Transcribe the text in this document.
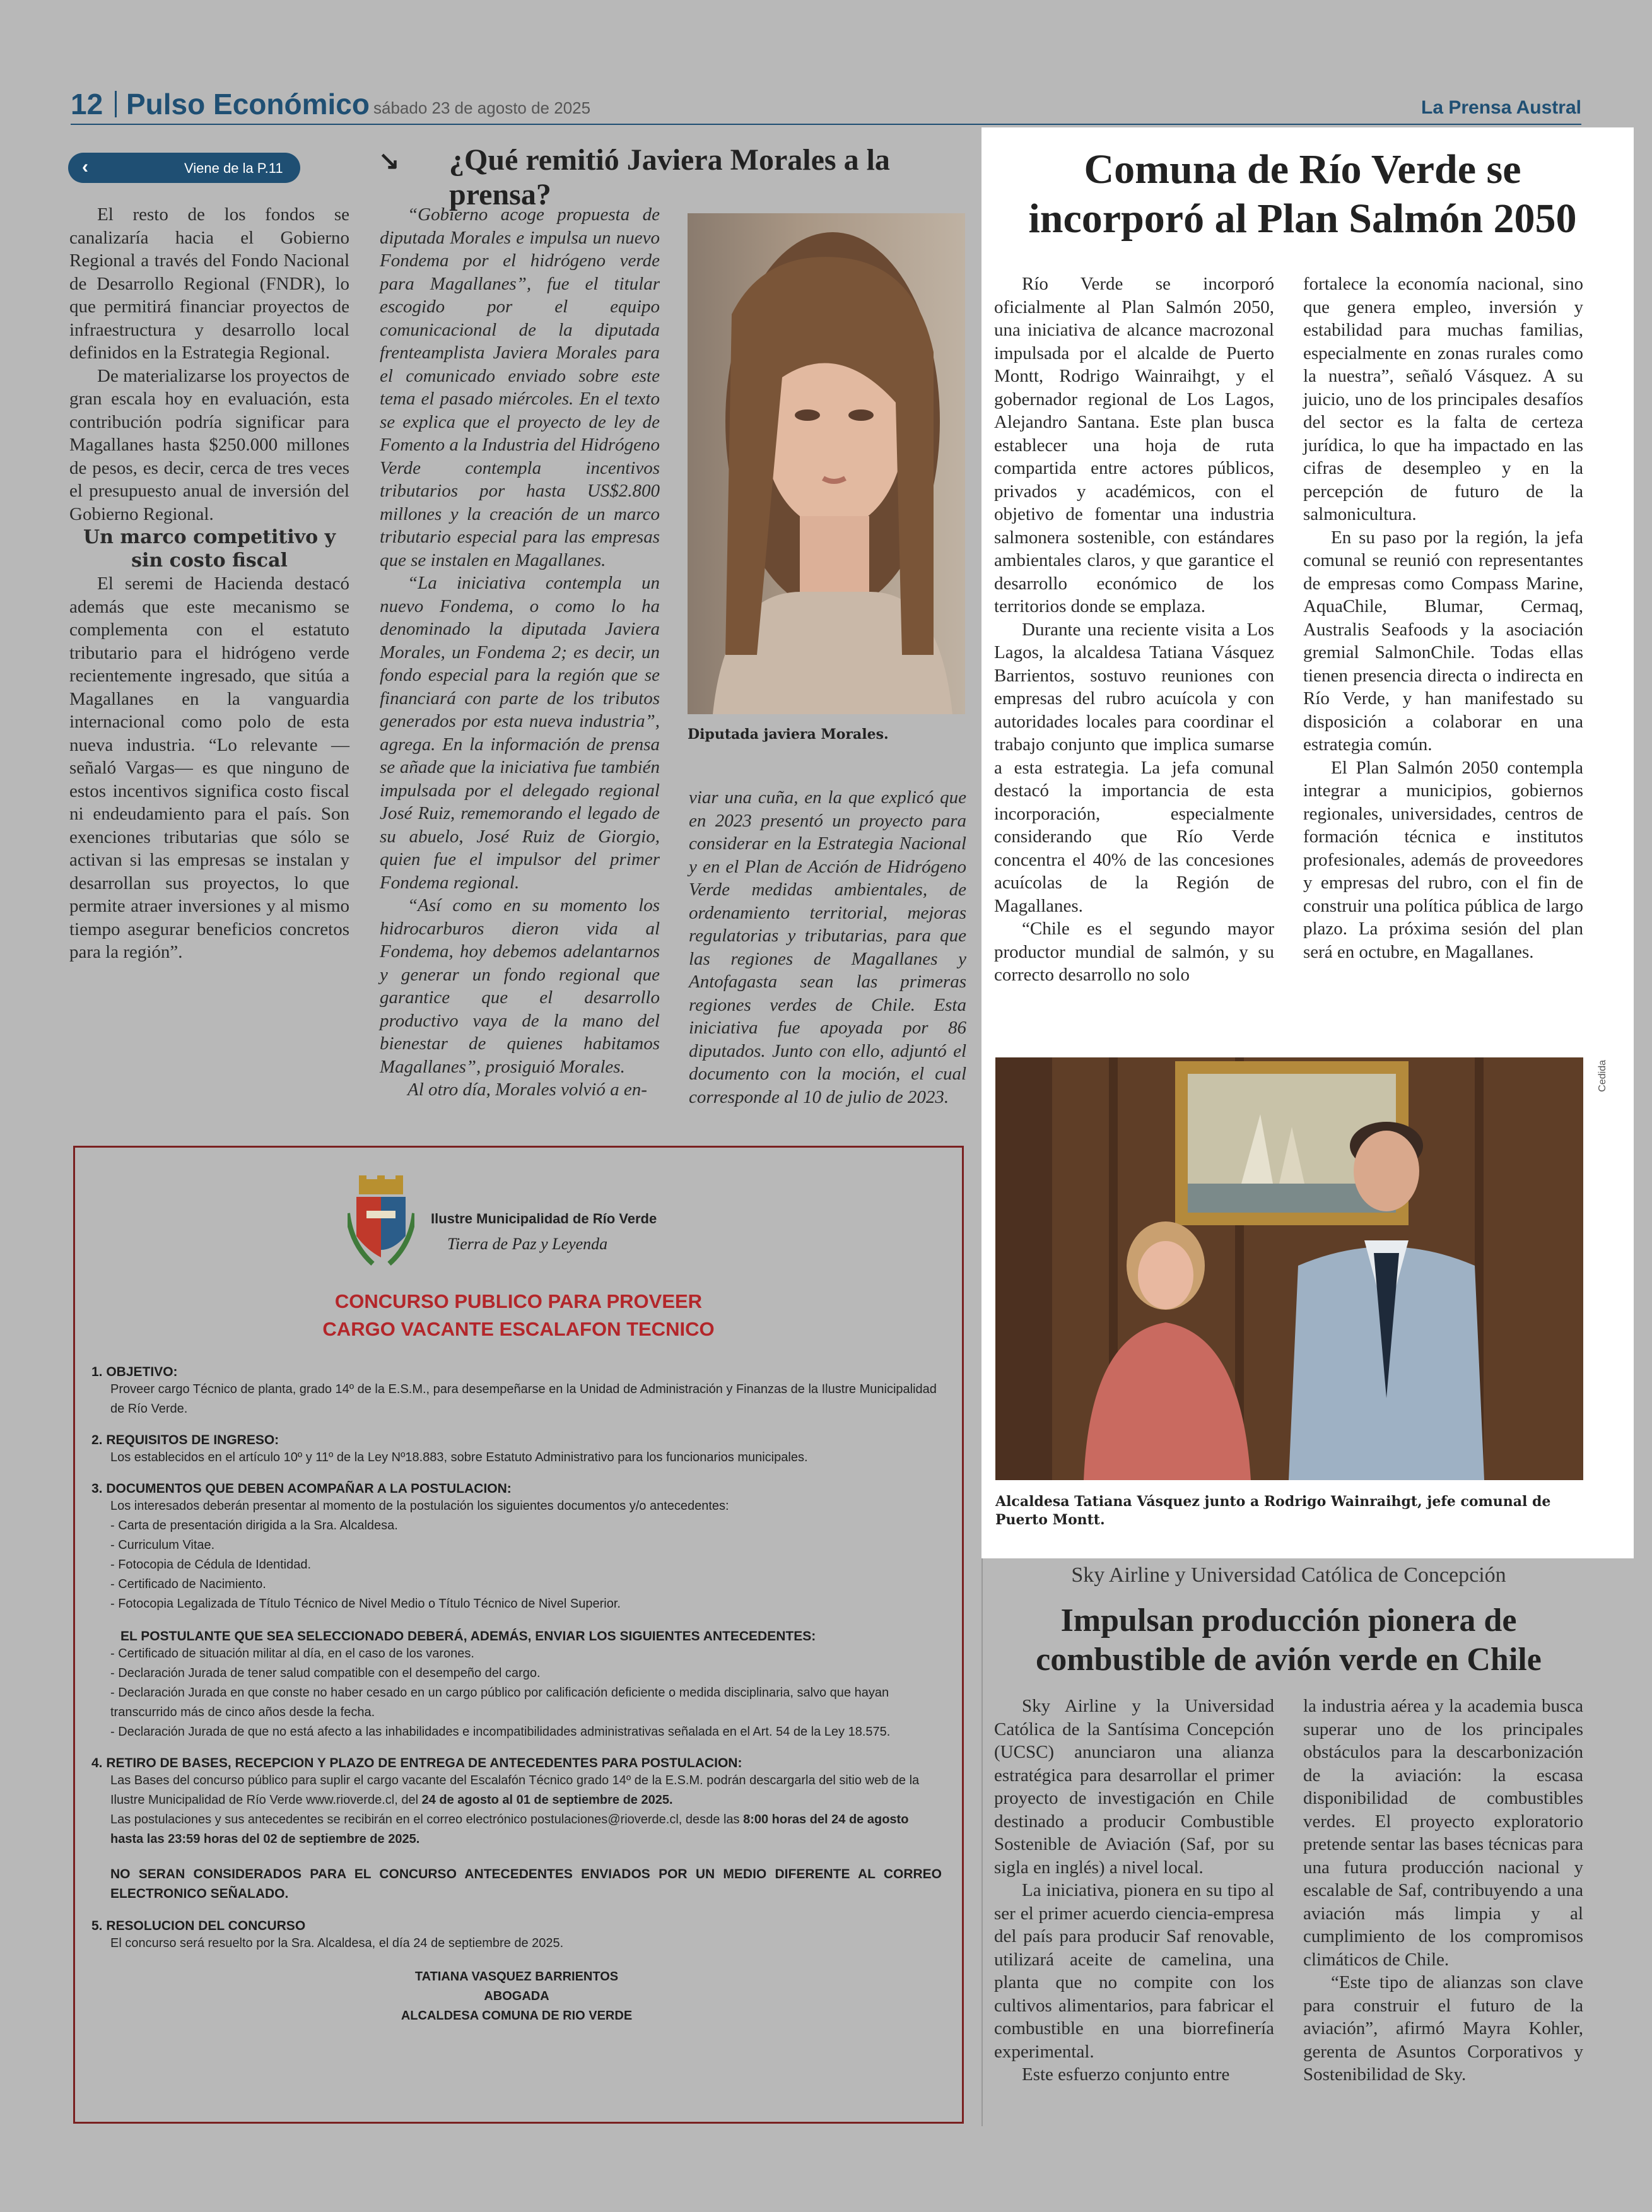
12 Pulso Económico sábado 23 de agosto de 2025	La Prensa Austral
‹	Viene de la P.11

El resto de los fondos se canalizaría hacia el Gobierno Regional a través del Fondo Nacional de Desarrollo Regional (FNDR), lo que permitirá financiar proyectos de infraestructura y desarrollo local definidos en la Estrategia Regional.

De materializarse los proyectos de gran escala hoy en evaluación, esta contribución podría significar para Magallanes hasta $250.000 millones de pesos, es decir, cerca de tres veces el presupuesto anual de inversión del Gobierno Regional.

Un marco competitivo y sin costo fiscal

El seremi de Hacienda destacó además que este mecanismo se complementa con el estatuto tributario para el hidrógeno verde recientemente ingresado, que sitúa a Magallanes en la vanguardia internacional como polo de esta nueva industria. “Lo relevante —señaló Vargas— es que ninguno de estos incentivos significa costo fiscal ni endeudamiento para el país. Son exenciones tributarias que sólo se activan si las empresas se instalan y desarrollan sus proyectos, lo que permite atraer inversiones y al mismo tiempo asegurar beneficios concretos para la región”.

↘ ¿Qué remitió Javiera Morales a la prensa?

“Gobierno acoge propuesta de diputada Morales e impulsa un nuevo Fondema por el hidrógeno verde para Magallanes”, fue el titular escogido por el equipo comunicacional de la diputada frenteamplista Javiera Morales para el comunicado enviado sobre este tema el pasado miércoles. En el texto se explica que el proyecto de ley de Fomento a la Industria del Hidrógeno Verde contempla incentivos tributarios por hasta US$2.800 millones y la creación de un marco tributario especial para las empresas que se instalen en Magallanes.

“La iniciativa contempla un nuevo Fondema, o como lo ha denominado la diputada Javiera Morales, un Fondema 2; es decir, un fondo especial para la región que se financiará con parte de los tributos generados por esta nueva industria”, agrega. En la información de prensa se añade que la iniciativa fue también impulsada por el delegado regional José Ruiz, rememorando el legado de su abuelo, José Ruiz de Giorgio, quien fue el impulsor del primer Fondema regional.

“Así como en su momento los hidrocarburos dieron vida al Fondema, hoy debemos adelantarnos y generar un fondo regional que garantice que el desarrollo productivo vaya de la mano del bienestar de quienes habitamos Magallanes”, prosiguió Morales.

Al otro día, Morales volvió a en-

Diputada javiera Morales.

viar una cuña, en la que explicó que en 2023 presentó un proyecto para considerar en la Estrategia Nacional y en el Plan de Acción de Hidrógeno Verde medidas ambientales, de ordenamiento territorial, mejoras regulatorias y tributarias, para que las regiones de Magallanes y Antofagasta sean las primeras regiones verdes de Chile. Esta iniciativa fue apoyada por 86 diputados. Junto con ello, adjuntó el documento con la moción, el cual corresponde al 10 de julio de 2023.

Comuna de Río Verde se incorporó al Plan Salmón 2050

Río Verde se incorporó oficialmente al Plan Salmón 2050, una iniciativa de alcance macrozonal impulsada por el alcalde de Puerto Montt, Rodrigo Wainraihgt, y el gobernador regional de Los Lagos, Alejandro Santana. Este plan busca establecer una hoja de ruta compartida entre actores públicos, privados y académicos, con el objetivo de fomentar una industria salmonera sostenible, con estándares ambientales claros, y que garantice el desarrollo económico de los territorios donde se emplaza.

Durante una reciente visita a Los Lagos, la alcaldesa Tatiana Vásquez Barrientos, sostuvo reuniones con empresas del rubro acuícola y con autoridades locales para coordinar el trabajo conjunto que implica sumarse a esta estrategia. La jefa comunal destacó la importancia de esta incorporación, especialmente considerando que Río Verde concentra el 40% de las concesiones acuícolas de la Región de Magallanes.

“Chile es el segundo mayor productor mundial de salmón, y su correcto desarrollo no solo

fortalece la economía nacional, sino que genera empleo, inversión y estabilidad para muchas familias, especialmente en zonas rurales como la nuestra”, señaló Vásquez. A su juicio, uno de los principales desafíos del sector es la falta de certeza jurídica, lo que ha impactado en las cifras de desempleo y en la percepción de futuro de la salmonicultura.

En su paso por la región, la jefa comunal se reunió con representantes de empresas como Compass Marine, AquaChile, Blumar, Cermaq, Australis Seafoods y la asociación gremial SalmonChile. Todas ellas tienen presencia directa o indirecta en Río Verde, y han manifestado su disposición a colaborar en una estrategia común.

El Plan Salmón 2050 contempla integrar a municipios, gobiernos regionales, universidades, centros de formación técnica e institutos profesionales, además de proveedores y empresas del rubro, con el fin de construir una política pública de largo plazo. La próxima sesión del plan será en octubre, en Magallanes.

Cedida
Alcaldesa Tatiana Vásquez junto a Rodrigo Wainraihgt, jefe comunal de Puerto Montt.
Sky Airline y Universidad Católica de Concepción
Impulsan producción pionera de combustible de avión verde en Chile

Sky Airline y la Universidad Católica de la Santísima Concepción (UCSC) anunciaron una alianza estratégica para desarrollar el primer proyecto de investigación en Chile destinado a producir Combustible Sostenible de Aviación (Saf, por su sigla en inglés) a nivel local.

La iniciativa, pionera en su tipo al ser el primer acuerdo ciencia-empresa del país para producir Saf renovable, utilizará aceite de camelina, una planta que no compite con los cultivos alimentarios, para fabricar el combustible en una biorrefinería experimental.

Este esfuerzo conjunto entre

la industria aérea y la academia busca superar uno de los principales obstáculos para la descarbonización de la aviación: la escasa disponibilidad de combustibles verdes. El proyecto exploratorio pretende sentar las bases técnicas para una futura producción nacional y escalable de Saf, contribuyendo a una aviación más limpia y al cumplimiento de los compromisos climáticos de Chile.

“Este tipo de alianzas son clave para construir el futuro de la aviación”, afirmó Mayra Kohler, gerenta de Asuntos Corporativos y Sostenibilidad de Sky.

Ilustre Municipalidad de Río Verde
Tierra de Paz y Leyenda
CONCURSO PUBLICO PARA PROVEER
CARGO VACANTE ESCALAFON TECNICO

1. OBJETIVO:

Proveer cargo Técnico de planta, grado 14º de la E.S.M., para desempeñarse en la Unidad de Administración y Finanzas de la Ilustre Municipalidad de Río Verde.

2. REQUISITOS DE INGRESO:

Los establecidos en el artículo 10º y 11º de la Ley Nº18.883, sobre Estatuto Administrativo para los funcionarios municipales.

3. DOCUMENTOS QUE DEBEN ACOMPAÑAR A LA POSTULACION:

Los interesados deberán presentar al momento de la postulación los siguientes documentos y/o antecedentes:

- Carta de presentación dirigida a la Sra. Alcaldesa.
- Curriculum Vitae.
- Fotocopia de Cédula de Identidad.
- Certificado de Nacimiento.
- Fotocopia Legalizada de Título Técnico de Nivel Medio o Título Técnico de Nivel Superior.

EL POSTULANTE QUE SEA SELECCIONADO DEBERÁ, ADEMÁS, ENVIAR LOS SIGUIENTES ANTECEDENTES:

- Certificado de situación militar al día, en el caso de los varones.
- Declaración Jurada de tener salud compatible con el desempeño del cargo.
- Declaración Jurada en que conste no haber cesado en un cargo público por calificación deficiente o medida disciplinaria, salvo que hayan transcurrido más de cinco años desde la fecha.
- Declaración Jurada de que no está afecto a las inhabilidades e incompatibilidades administrativas señalada en el Art. 54 de la Ley 18.575.

4. RETIRO DE BASES, RECEPCION Y PLAZO DE ENTREGA DE ANTECEDENTES PARA POSTULACION:

Las Bases del concurso público para suplir el cargo vacante del Escalafón Técnico grado 14º de la E.S.M. podrán descargarla del sitio web de la Ilustre Municipalidad de Río Verde www.rioverde.cl, del 24 de agosto al 01 de septiembre de 2025.

Las postulaciones y sus antecedentes se recibirán en el correo electrónico postulaciones@rioverde.cl, desde las 8:00 horas del 24 de agosto hasta las 23:59 horas del 02 de septiembre de 2025.

NO SERAN CONSIDERADOS PARA EL CONCURSO ANTECEDENTES ENVIADOS POR UN MEDIO DIFERENTE AL CORREO ELECTRONICO SEÑALADO.

5. RESOLUCION DEL CONCURSO

El concurso será resuelto por la Sra. Alcaldesa, el día 24 de septiembre de 2025.

TATIANA VASQUEZ BARRIENTOS

ABOGADA

ALCALDESA COMUNA DE RIO VERDE
